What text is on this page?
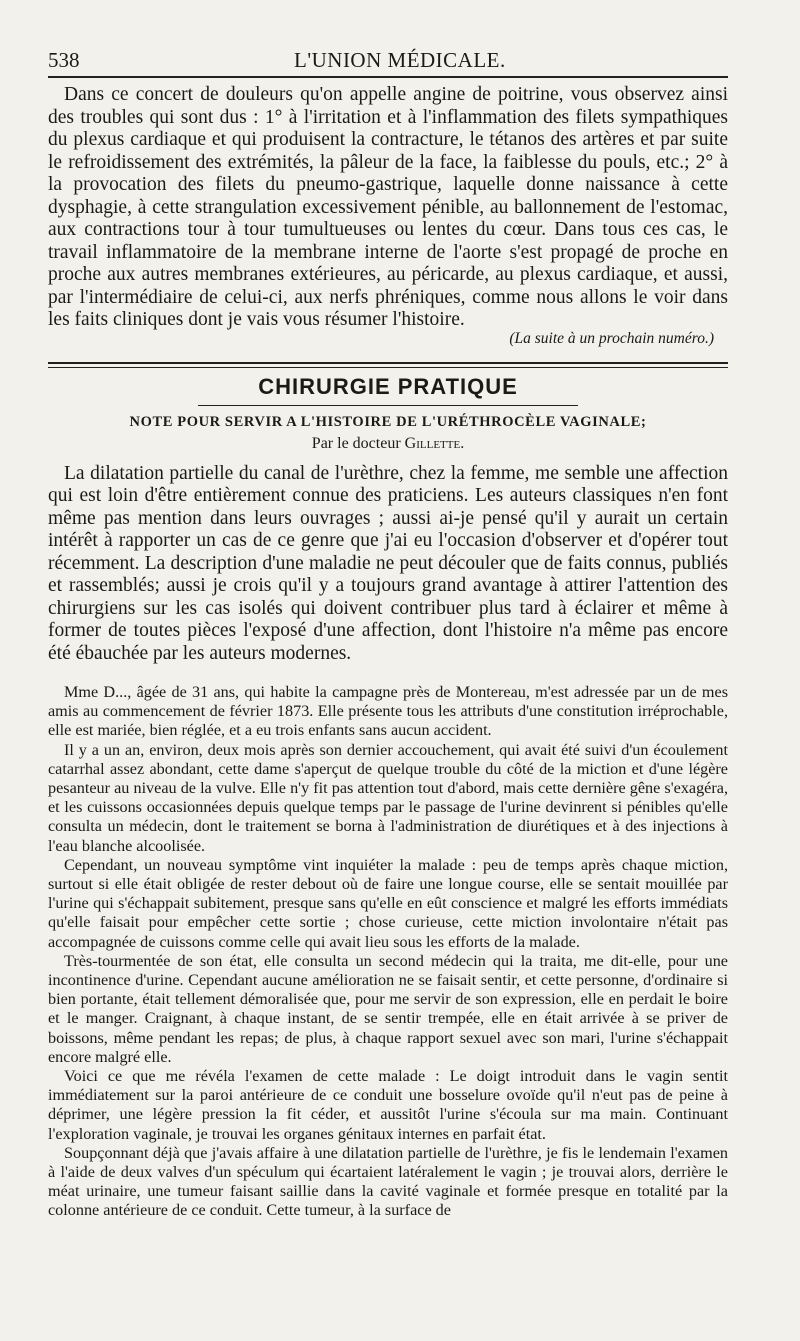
538	L'UNION MÉDICALE.

Dans ce concert de douleurs qu'on appelle angine de poitrine, vous observez ainsi des troubles qui sont dus : 1° à l'irritation et à l'inflammation des filets sympathiques du plexus cardiaque et qui produisent la contracture, le tétanos des artères et par suite le refroidissement des extrémités, la pâleur de la face, la faiblesse du pouls, etc.; 2° à la provocation des filets du pneumo-gastrique, laquelle donne naissance à cette dysphagie, à cette strangulation excessivement pénible, au ballonnement de l'estomac, aux contractions tour à tour tumultueuses ou lentes du cœur. Dans tous ces cas, le travail inflammatoire de la membrane interne de l'aorte s'est propagé de proche en proche aux autres membranes extérieures, au péricarde, au plexus cardiaque, et aussi, par l'intermédiaire de celui-ci, aux nerfs phréniques, comme nous allons le voir dans les faits cliniques dont je vais vous résumer l'histoire.

(La suite à un prochain numéro.)
CHIRURGIE PRATIQUE
NOTE POUR SERVIR A L'HISTOIRE DE L'URÉTHROCÈLE VAGINALE;
Par le docteur Gillette.

La dilatation partielle du canal de l'urèthre, chez la femme, me semble une affection qui est loin d'être entièrement connue des praticiens. Les auteurs classiques n'en font même pas mention dans leurs ouvrages ; aussi ai-je pensé qu'il y aurait un certain intérêt à rapporter un cas de ce genre que j'ai eu l'occasion d'observer et d'opérer tout récemment. La description d'une maladie ne peut découler que de faits connus, publiés et rassemblés; aussi je crois qu'il y a toujours grand avantage à attirer l'attention des chirurgiens sur les cas isolés qui doivent contribuer plus tard à éclairer et même à former de toutes pièces l'exposé d'une affection, dont l'histoire n'a même pas encore été ébauchée par les auteurs modernes.

Mme D..., âgée de 31 ans, qui habite la campagne près de Montereau, m'est adressée par un de mes amis au commencement de février 1873. Elle présente tous les attributs d'une constitution irréprochable, elle est mariée, bien réglée, et a eu trois enfants sans aucun accident.

Il y a un an, environ, deux mois après son dernier accouchement, qui avait été suivi d'un écoulement catarrhal assez abondant, cette dame s'aperçut de quelque trouble du côté de la miction et d'une légère pesanteur au niveau de la vulve. Elle n'y fit pas attention tout d'abord, mais cette dernière gêne s'exagéra, et les cuissons occasionnées depuis quelque temps par le passage de l'urine devinrent si pénibles qu'elle consulta un médecin, dont le traitement se borna à l'administration de diurétiques et à des injections à l'eau blanche alcoolisée.

Cependant, un nouveau symptôme vint inquiéter la malade : peu de temps après chaque miction, surtout si elle était obligée de rester debout où de faire une longue course, elle se sentait mouillée par l'urine qui s'échappait subitement, presque sans qu'elle en eût conscience et malgré les efforts immédiats qu'elle faisait pour empêcher cette sortie ; chose curieuse, cette miction involontaire n'était pas accompagnée de cuissons comme celle qui avait lieu sous les efforts de la malade.

Très-tourmentée de son état, elle consulta un second médecin qui la traita, me dit-elle, pour une incontinence d'urine. Cependant aucune amélioration ne se faisait sentir, et cette personne, d'ordinaire si bien portante, était tellement démoralisée que, pour me servir de son expression, elle en perdait le boire et le manger. Craignant, à chaque instant, de se sentir trempée, elle en était arrivée à se priver de boissons, même pendant les repas; de plus, à chaque rapport sexuel avec son mari, l'urine s'échappait encore malgré elle.

Voici ce que me révéla l'examen de cette malade : Le doigt introduit dans le vagin sentit immédiatement sur la paroi antérieure de ce conduit une bosselure ovoïde qu'il n'eut pas de peine à déprimer, une légère pression la fit céder, et aussitôt l'urine s'écoula sur ma main. Continuant l'exploration vaginale, je trouvai les organes génitaux internes en parfait état.

Soupçonnant déjà que j'avais affaire à une dilatation partielle de l'urèthre, je fis le lendemain l'examen à l'aide de deux valves d'un spéculum qui écartaient latéralement le vagin ; je trouvai alors, derrière le méat urinaire, une tumeur faisant saillie dans la cavité vaginale et formée presque en totalité par la colonne antérieure de ce conduit. Cette tumeur, à la surface de
